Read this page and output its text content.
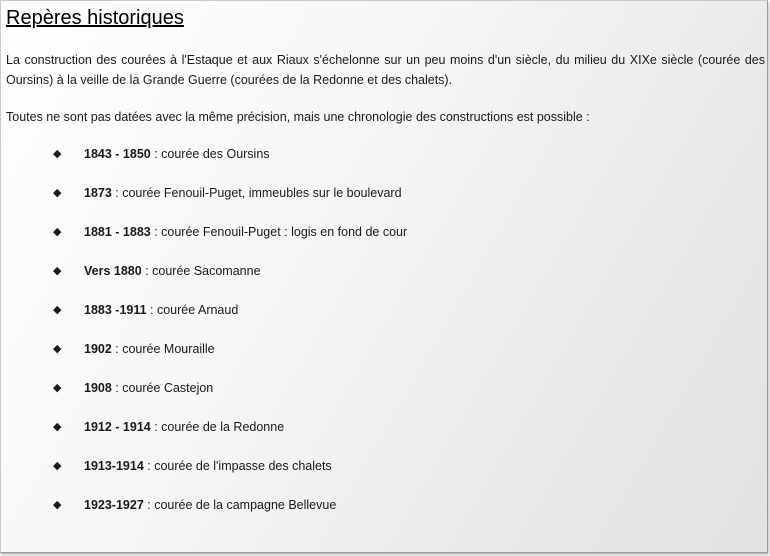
Repères historiques

La construction des courées à l'Estaque et aux Riaux s'échelonne sur un peu moins d'un siècle, du milieu du XIXe siècle (courée des Oursins) à la veille de la Grande Guerre (courées de la Redonne et des chalets).

Toutes ne sont pas datées avec la même précision, mais une chronologie des constructions est possible :

◆ 1843 - 1850 : courée des Oursins
◆ 1873 : courée Fenouil-Puget, immeubles sur le boulevard
◆ 1881 - 1883 : courée Fenouil-Puget : logis en fond de cour
◆ Vers 1880 : courée Sacomanne
◆ 1883 -1911 : courée Arnaud
◆ 1902 : courée Mouraille
◆ 1908 : courée Castejon
◆ 1912 - 1914 : courée de la Redonne
◆ 1913-1914 : courée de l'impasse des chalets
◆ 1923-1927 : courée de la campagne Bellevue
